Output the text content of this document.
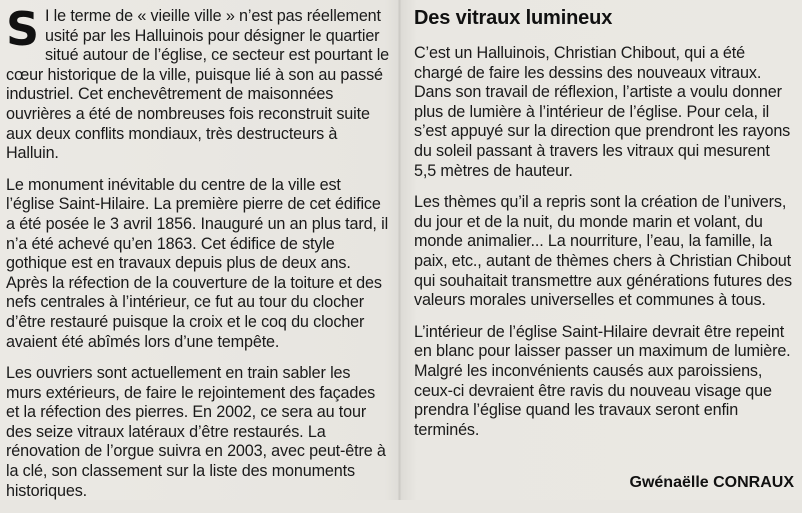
S I le terme de « vieille ville » n’est pas réellement usité par les Halluinois pour désigner le quartier situé autour de l’église, ce secteur est pourtant le cœur historique de la ville, puisque lié à son au passé industriel. Cet enchevêtrement de maisonnées ouvrières a été de nombreuses fois reconstruit suite aux deux conflits mondiaux, très destructeurs à Halluin.

Le monument inévitable du centre de la ville est l’église Saint-Hilaire. La première pierre de cet édifice a été posée le 3 avril 1856. Inauguré un an plus tard, il n’a été achevé qu’en 1863. Cet édifice de style gothique est en travaux depuis plus de deux ans. Après la réfection de la couverture de la toiture et des nefs centrales à l’intérieur, ce fut au tour du clocher d’être restauré puisque la croix et le coq du clocher avaient été abîmés lors d’une tempête.

Les ouvriers sont actuellement en train sabler les murs extérieurs, de faire le rejointement des façades et la réfection des pierres. En 2002, ce sera au tour des seize vitraux latéraux d’être restaurés. La rénovation de l’orgue suivra en 2003, avec peut-être à la clé, son classement sur la liste des monuments historiques.

Des vitraux lumineux

C’est un Halluinois, Christian Chibout, qui a été chargé de faire les dessins des nouveaux vitraux. Dans son travail de réflexion, l’artiste a voulu donner plus de lumière à l’intérieur de l’église. Pour cela, il s’est appuyé sur la direction que prendront les rayons du soleil passant à travers les vitraux qui mesurent 5,5 mètres de hauteur.

Les thèmes qu’il a repris sont la création de l’univers, du jour et de la nuit, du monde marin et volant, du monde animalier... La nourriture, l’eau, la famille, la paix, etc., autant de thèmes chers à Christian Chibout qui souhaitait transmettre aux générations futures des valeurs morales universelles et communes à tous.

L’intérieur de l’église Saint-Hilaire devrait être repeint en blanc pour laisser passer un maximum de lumière. Malgré les inconvénients causés aux paroissiens, ceux-ci devraient être ravis du nouveau visage que prendra l’église quand les travaux seront enfin terminés.

Gwénaëlle CONRAUX
